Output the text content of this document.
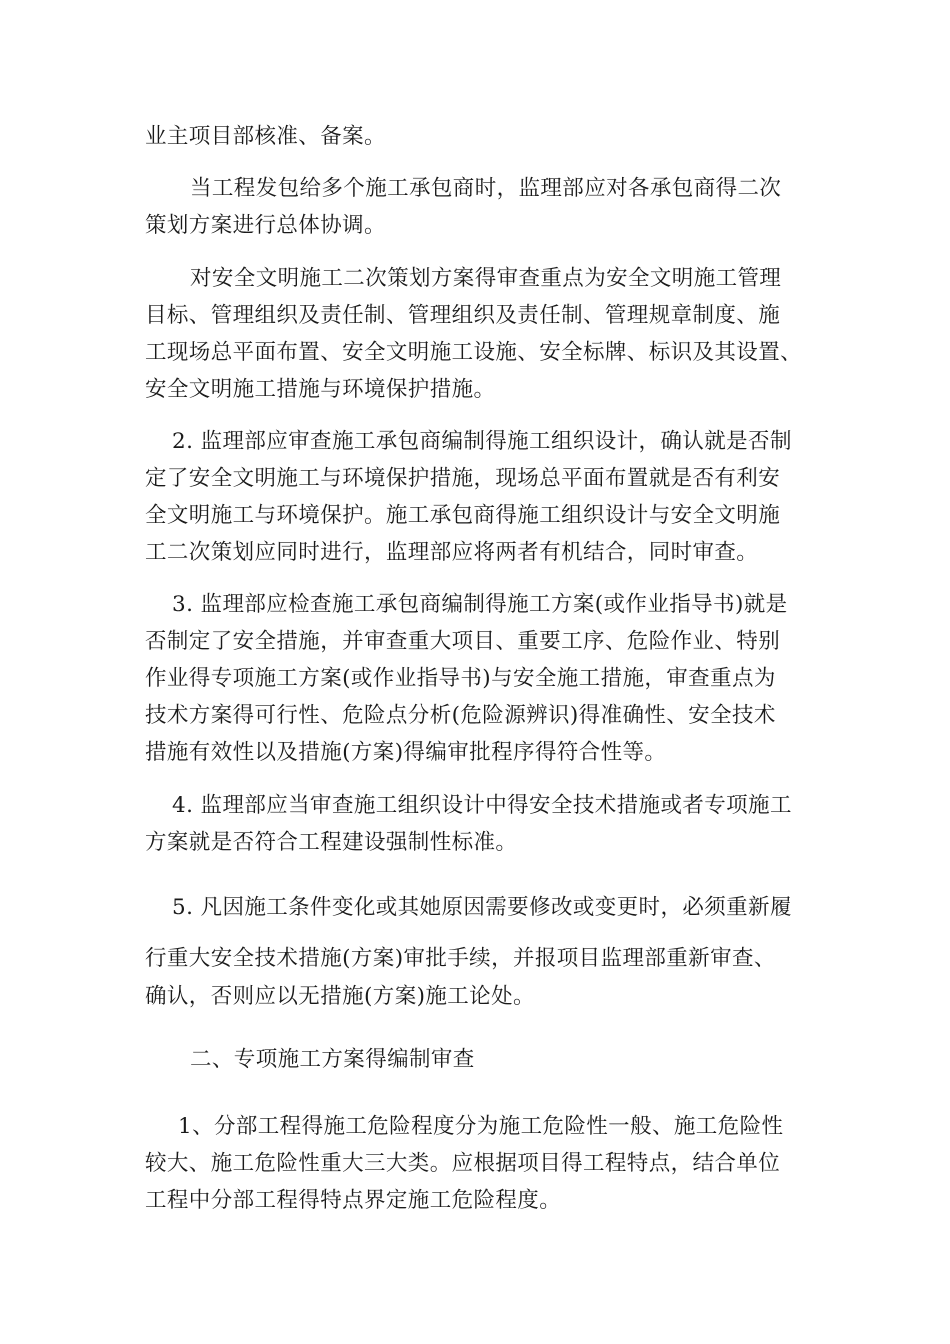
业主项目部核准、备案。
当工程发包给多个施工承包商时，监理部应对各承包商得二次
策划方案进行总体协调。
对安全文明施工二次策划方案得审查重点为安全文明施工管理
目标、管理组织及责任制、管理组织及责任制、管理规章制度、施
工现场总平面布置、安全文明施工设施、安全标牌、标识及其设置、
安全文明施工措施与环境保护措施。
2. 监理部应审查施工承包商编制得施工组织设计，确认就是否制
定了安全文明施工与环境保护措施，现场总平面布置就是否有利安
全文明施工与环境保护。施工承包商得施工组织设计与安全文明施
工二次策划应同时进行，监理部应将两者有机结合，同时审查。
3. 监理部应检查施工承包商编制得施工方案(或作业指导书)就是
否制定了安全措施，并审查重大项目、重要工序、危险作业、特别
作业得专项施工方案(或作业指导书)与安全施工措施，审查重点为
技术方案得可行性、危险点分析(危险源辨识)得准确性、安全技术
措施有效性以及措施(方案)得编审批程序得符合性等。
4. 监理部应当审查施工组织设计中得安全技术措施或者专项施工
方案就是否符合工程建设强制性标准。
5. 凡因施工条件变化或其她原因需要修改或变更时，必须重新履
行重大安全技术措施(方案)审批手续，并报项目监理部重新审查、
确认，否则应以无措施(方案)施工论处。
二、专项施工方案得编制审查
1、分部工程得施工危险程度分为施工危险性一般、施工危险性
较大、施工危险性重大三大类。应根据项目得工程特点，结合单位
工程中分部工程得特点界定施工危险程度。
